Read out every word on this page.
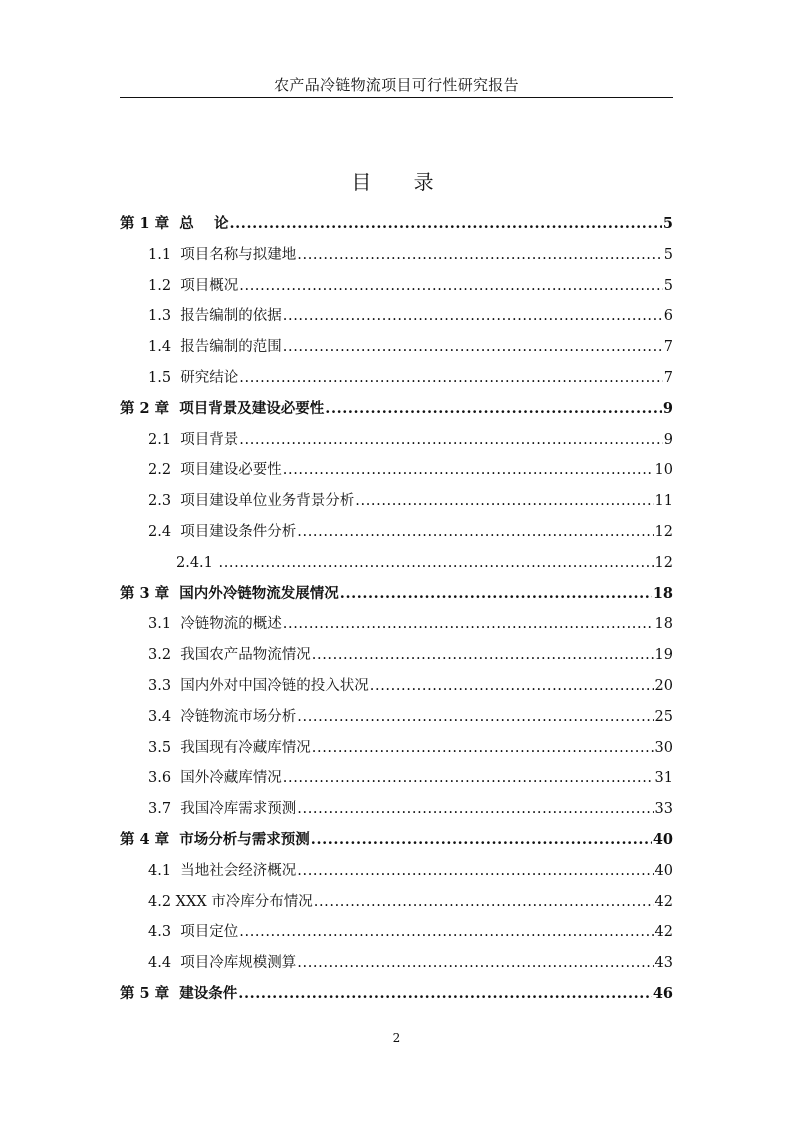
农产品冷链物流项目可行性研究报告
目 录
第 1 章 总    论 .....	5
1.1 项目名称与拟建地 .....	5
1.2 项目概况 .....	5
1.3 报告编制的依据 .....	6
1.4 报告编制的范围 .....	7
1.5 研究结论 .....	7
第 2 章 项目背景及建设必要性 .....	9
2.1 项目背景 .....	9
2.2 项目建设必要性 .....	10
2.3 项目建设单位业务背景分析 .....	11
2.4 项目建设条件分析 .....	12
2.4.1 .....	12
第 3 章 国内外冷链物流发展情况 .....	18
3.1 冷链物流的概述 .....	18
3.2 我国农产品物流情况 .....	19
3.3 国内外对中国冷链的投入状况 .....	20
3.4 冷链物流市场分析 .....	25
3.5 我国现有冷藏库情况 .....	30
3.6 国外冷藏库情况 .....	31
3.7 我国冷库需求预测 .....	33
第 4 章 市场分析与需求预测 .....	40
4.1 当地社会经济概况 .....	40
4.2 XXX 市冷库分布情况 .....	42
4.3 项目定位 .....	42
4.4 项目冷库规模测算 .....	43
第 5 章 建设条件 .....	46
2
